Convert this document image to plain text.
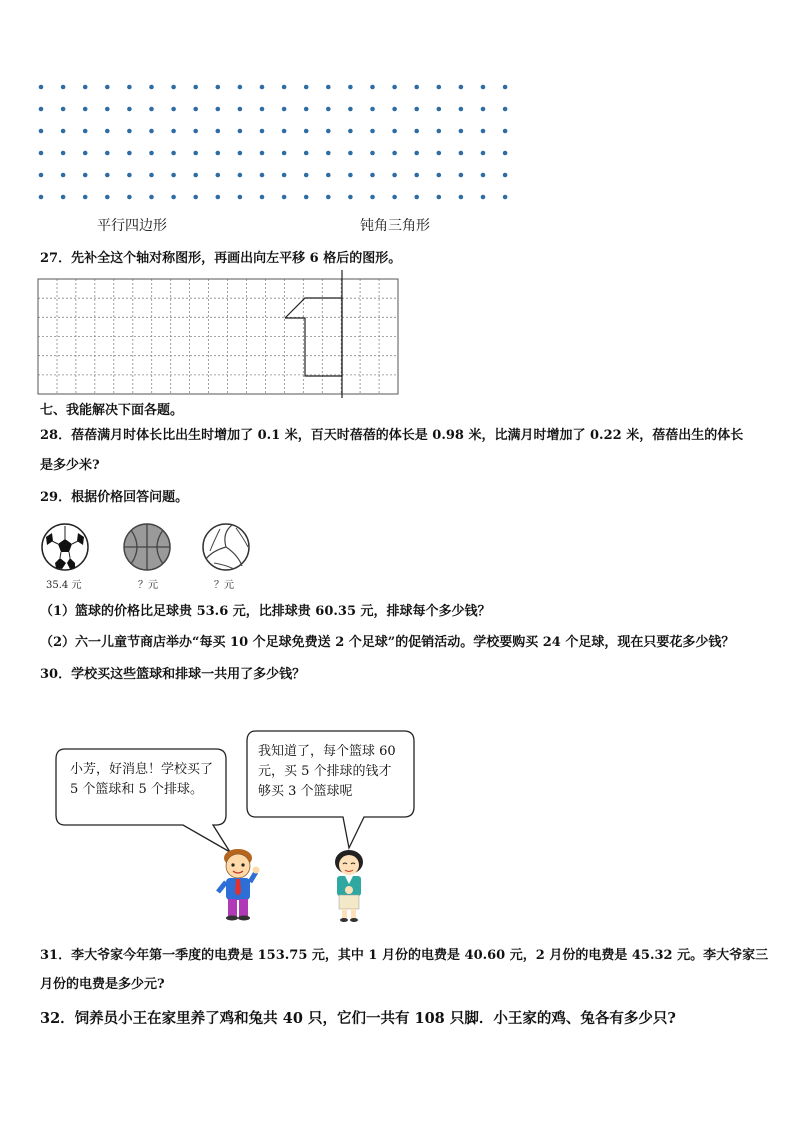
平行四边形	钝角三角形
27．先补全这个轴对称图形，再画出向左平移 6 格后的图形。
七、我能解决下面各题。
28．蓓蓓满月时体长比出生时增加了 0.1 米，百天时蓓蓓的体长是 0.98 米，比满月时增加了 0.22 米，蓓蓓出生的体长
是多少米?
29．根据价格回答问题。
35.4 元	？元	？元
（1）篮球的价格比足球贵 53.6 元，比排球贵 60.35 元，排球每个多少钱？
（2）六一儿童节商店举办“每买 10 个足球免费送 2 个足球”的促销活动。学校要购买 24 个足球，现在只要花多少钱？
30．学校买这些篮球和排球一共用了多少钱？
小芳，好消息！学校买了
5 个篮球和 5 个排球。
我知道了，每个篮球 60
元，买 5 个排球的钱才
够买 3 个篮球呢
31．李大爷家今年第一季度的电费是 153.75 元，其中 1 月份的电费是 40.60 元，2 月份的电费是 45.32 元。李大爷家三
月份的电费是多少元?
32．饲养员小王在家里养了鸡和兔共 40 只，它们一共有 108 只脚．小王家的鸡、兔各有多少只?
